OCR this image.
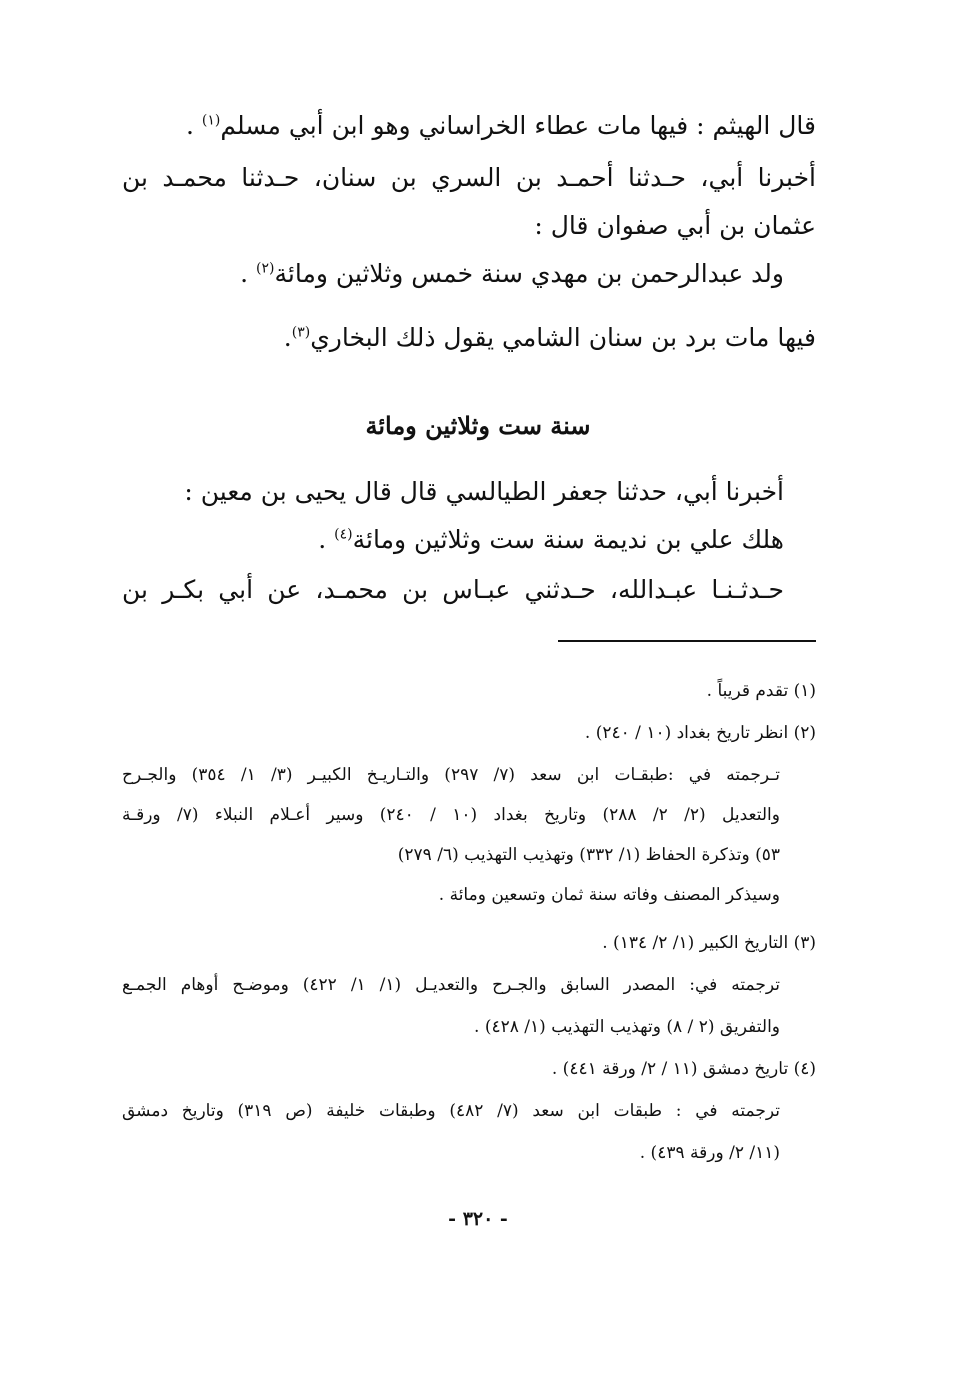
قال الهيثم : فيها مات عطاء الخراساني وهو ابن أبي مسلم$^{(١)}$ .
أخبرنا أبي، حـدثنا أحمـد بن السري بن سنان، حـدثنا محمـد بن
عثمان بن أبي صفوان قال :
ولد عبدالرحمن بن مهدي سنة خمس وثلاثين ومائة$^{(٢)}$ .
فيها مات برد بن سنان الشامي يقول ذلك البخاري$^{(٣)}$.
سنة ست وثلاثين ومائة
أخبرنا أبي، حدثنا جعفر الطيالسي قال قال يحيى بن معين :
هلك علي بن نديمة سنة ست وثلاثين ومائة$^{(٤)}$ .
حـدثـنـا عبـدالله، حـدثني عبـاس بن محمـد، عن أبي بكـر بن
(١) تقدم قريباً .
(٢) انظر تاريخ بغداد (١٠ / ٢٤٠) .
تـرجمته في :طبقـات ابن سعد (٧/ ٢٩٧) والتـاريـخ الكبيـر (٣/ ١/ ٣٥٤) والجـرح
والتعديل (٢/ ٢/ ٢٨٨) وتاريخ بغداد (١٠ / ٢٤٠) وسير أعـلام النبلاء (٧/ ورقـة
٥٣) وتذكرة الحفاظ (١/ ٣٣٢) وتهذيب التهذيب (٦/ ٢٧٩)
وسيذكر المصنف وفاته سنة ثمان وتسعين ومائة .
(٣) التاريخ الكبير (١/ ٢/ ١٣٤) .
ترجمته في: المصدر السابق والجـرح والتعديـل (١/ ١/ ٤٢٢) وموضـح أوهام الجمـع
والتفريق (٢ / ٨) وتهذيب التهذيب (١/ ٤٢٨) .
(٤) تاريخ دمشق (١١ / ٢/ ورقة ٤٤١) .
ترجمته في : طبقات ابن سعد (٧/ ٤٨٢) وطبقات خليفة (ص ٣١٩) وتاريخ دمشق
(١١/ ٢/ ورقة ٤٣٩) .
- ٣٢٠ -
